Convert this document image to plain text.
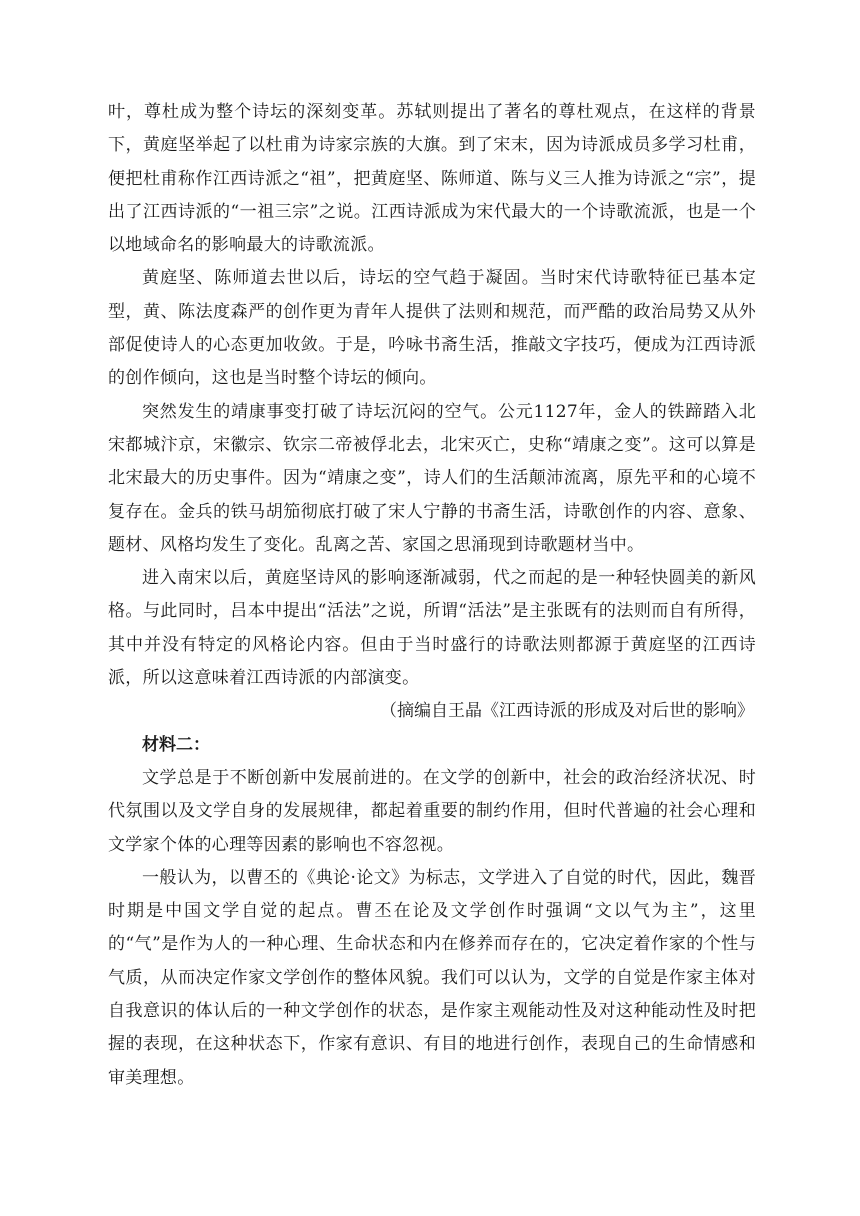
叶，尊杜成为整个诗坛的深刻变革。苏轼则提出了著名的尊杜观点，在这样的背景下，黄庭坚举起了以杜甫为诗家宗族的大旗。到了宋末，因为诗派成员多学习杜甫，便把杜甫称作江西诗派之“祖”，把黄庭坚、陈师道、陈与义三人推为诗派之“宗”，提出了江西诗派的“一祖三宗”之说。江西诗派成为宋代最大的一个诗歌流派，也是一个以地域命名的影响最大的诗歌流派。

黄庭坚、陈师道去世以后，诗坛的空气趋于凝固。当时宋代诗歌特征已基本定型，黄、陈法度森严的创作更为青年人提供了法则和规范，而严酷的政治局势又从外部促使诗人的心态更加收敛。于是，吟咏书斋生活，推敲文字技巧，便成为江西诗派的创作倾向，这也是当时整个诗坛的倾向。

突然发生的靖康事变打破了诗坛沉闷的空气。公元1127年，金人的铁蹄踏入北宋都城汴京，宋徽宗、钦宗二帝被俘北去，北宋灭亡，史称“靖康之变”。这可以算是北宋最大的历史事件。因为“靖康之变”，诗人们的生活颠沛流离，原先平和的心境不复存在。金兵的铁马胡笳彻底打破了宋人宁静的书斋生活，诗歌创作的内容、意象、题材、风格均发生了变化。乱离之苦、家国之思涌现到诗歌题材当中。

进入南宋以后，黄庭坚诗风的影响逐渐减弱，代之而起的是一种轻快圆美的新风格。与此同时，吕本中提出“活法”之说，所谓“活法”是主张既有的法则而自有所得，其中并没有特定的风格论内容。但由于当时盛行的诗歌法则都源于黄庭坚的江西诗派，所以这意味着江西诗派的内部演变。

（摘编自王晶《江西诗派的形成及对后世的影响》

材料二：

文学总是于不断创新中发展前进的。在文学的创新中，社会的政治经济状况、时代氛围以及文学自身的发展规律，都起着重要的制约作用，但时代普遍的社会心理和文学家个体的心理等因素的影响也不容忽视。

一般认为，以曹丕的《典论·论文》为标志，文学进入了自觉的时代，因此，魏晋时期是中国文学自觉的起点。曹丕在论及文学创作时强调“文以气为主”，这里的“气”是作为人的一种心理、生命状态和内在修养而存在的，它决定着作家的个性与气质，从而决定作家文学创作的整体风貌。我们可以认为，文学的自觉是作家主体对自我意识的体认后的一种文学创作的状态，是作家主观能动性及对这种能动性及时把握的表现，在这种状态下，作家有意识、有目的地进行创作，表现自己的生命情感和审美理想。
